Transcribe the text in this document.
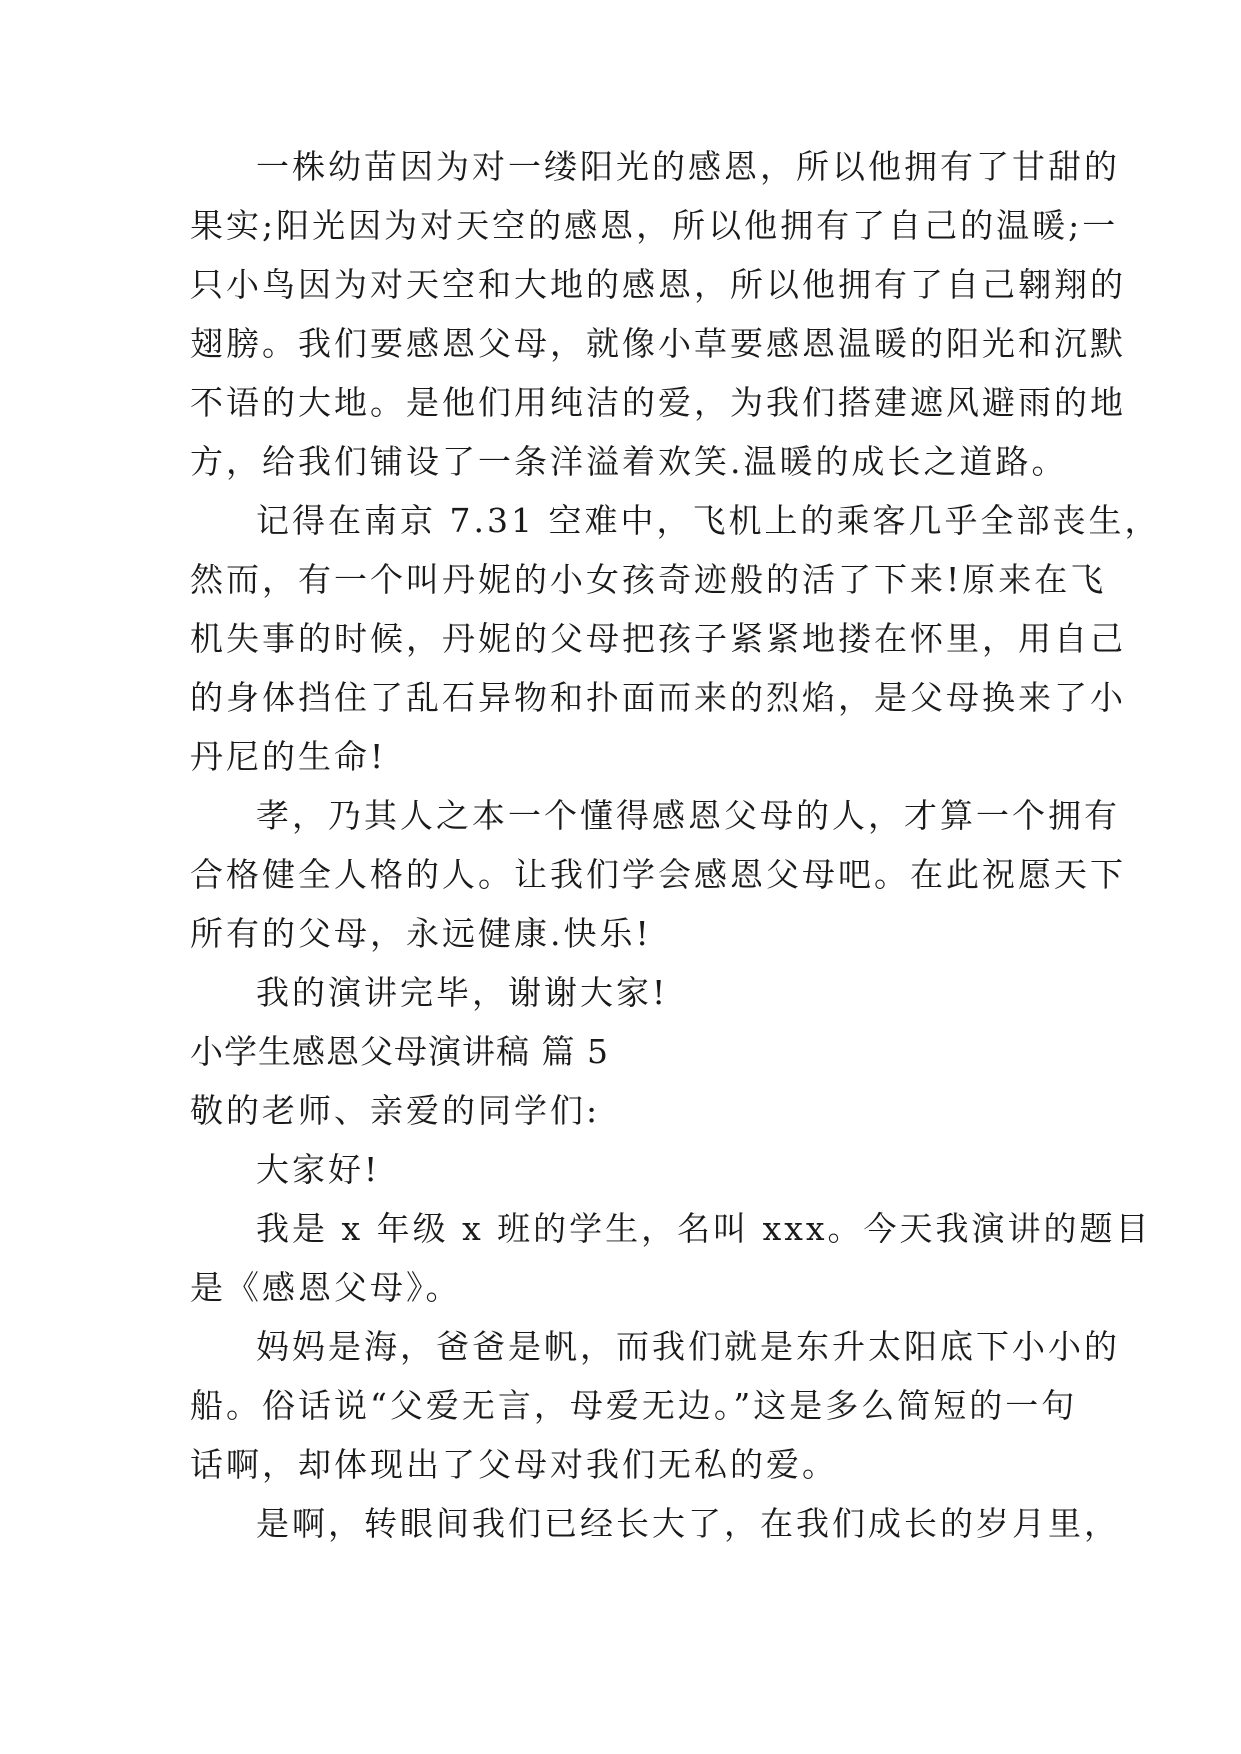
一株幼苗因为对一缕阳光的感恩，所以他拥有了甘甜的

果实;阳光因为对天空的感恩，所以他拥有了自己的温暖;一

只小鸟因为对天空和大地的感恩，所以他拥有了自己翱翔的

翅膀。我们要感恩父母，就像小草要感恩温暖的阳光和沉默

不语的大地。是他们用纯洁的爱，为我们搭建遮风避雨的地

方，给我们铺设了一条洋溢着欢笑.温暖的成长之道路。

记得在南京 7.31 空难中，飞机上的乘客几乎全部丧生，

然而，有一个叫丹妮的小女孩奇迹般的活了下来!原来在飞

机失事的时候，丹妮的父母把孩子紧紧地搂在怀里，用自己

的身体挡住了乱石异物和扑面而来的烈焰，是父母换来了小

丹尼的生命!

孝，乃其人之本一个懂得感恩父母的人，才算一个拥有

合格健全人格的人。让我们学会感恩父母吧。在此祝愿天下

所有的父母，永远健康.快乐!

我的演讲完毕，谢谢大家!

小学生感恩父母演讲稿 篇 5

敬的老师、亲爱的同学们:

大家好!

我是 x 年级 x 班的学生，名叫 xxx。今天我演讲的题目

是《感恩父母》。

妈妈是海，爸爸是帆，而我们就是东升太阳底下小小的

船。俗话说“父爱无言，母爱无边。”这是多么简短的一句

话啊，却体现出了父母对我们无私的爱。

是啊，转眼间我们已经长大了，在我们成长的岁月里，
